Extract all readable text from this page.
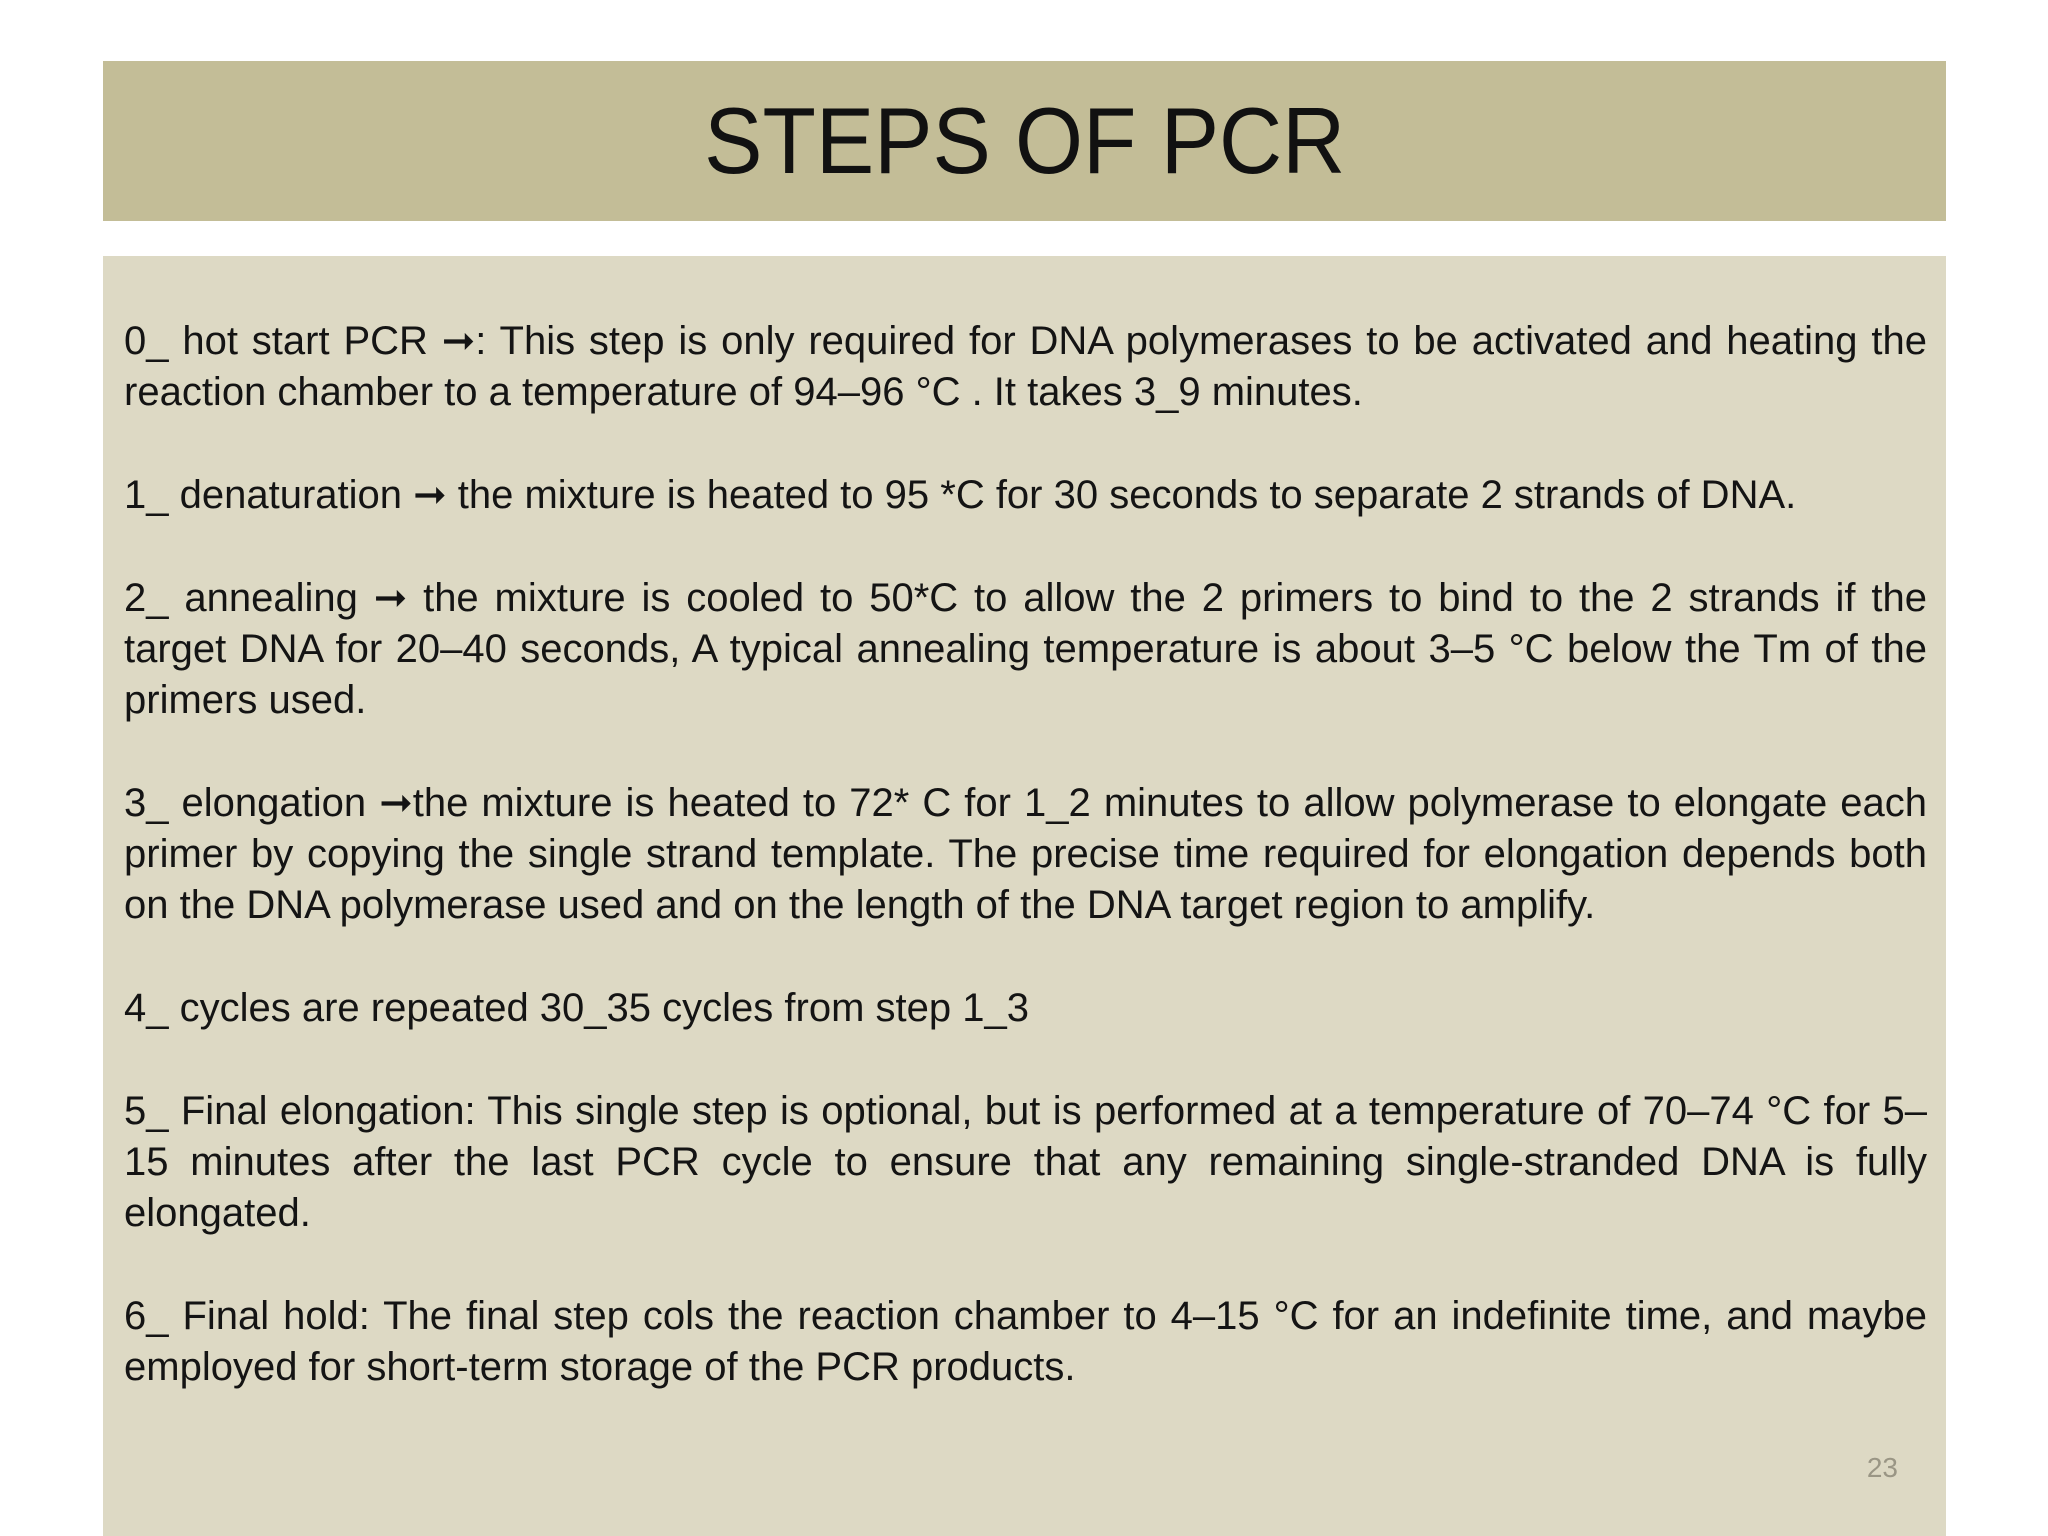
STEPS OF PCR
0_ hot start PCR ➞: This step is only required for DNA polymerases to be activated and heating the reaction chamber to a temperature of 94–96 °C . It takes 3_9 minutes.
1_ denaturation ➞ the mixture is heated to 95 *C for 30 seconds to separate 2 strands of DNA.
2_ annealing ➞ the mixture is cooled to 50*C to allow the 2 primers to bind to the 2 strands if the target DNA for 20–40 seconds, A typical annealing temperature is about 3–5 °C below the Tm of the primers used.
3_ elongation ➞the mixture is heated to 72* C for 1_2 minutes to allow polymerase to elongate each primer by copying the single strand template. The precise time required for elongation depends both on the DNA polymerase used and on the length of the DNA target region to amplify.
4_ cycles are repeated 30_35 cycles from step 1_3
5_ Final elongation: This single step is optional, but is performed at a temperature of 70–74 °C for 5–15 minutes after the last PCR cycle to ensure that any remaining single-stranded DNA is fully elongated.
6_ Final hold: The final step cols the reaction chamber to 4–15 °C for an indefinite time, and maybe employed for short-term storage of the PCR products.
23
